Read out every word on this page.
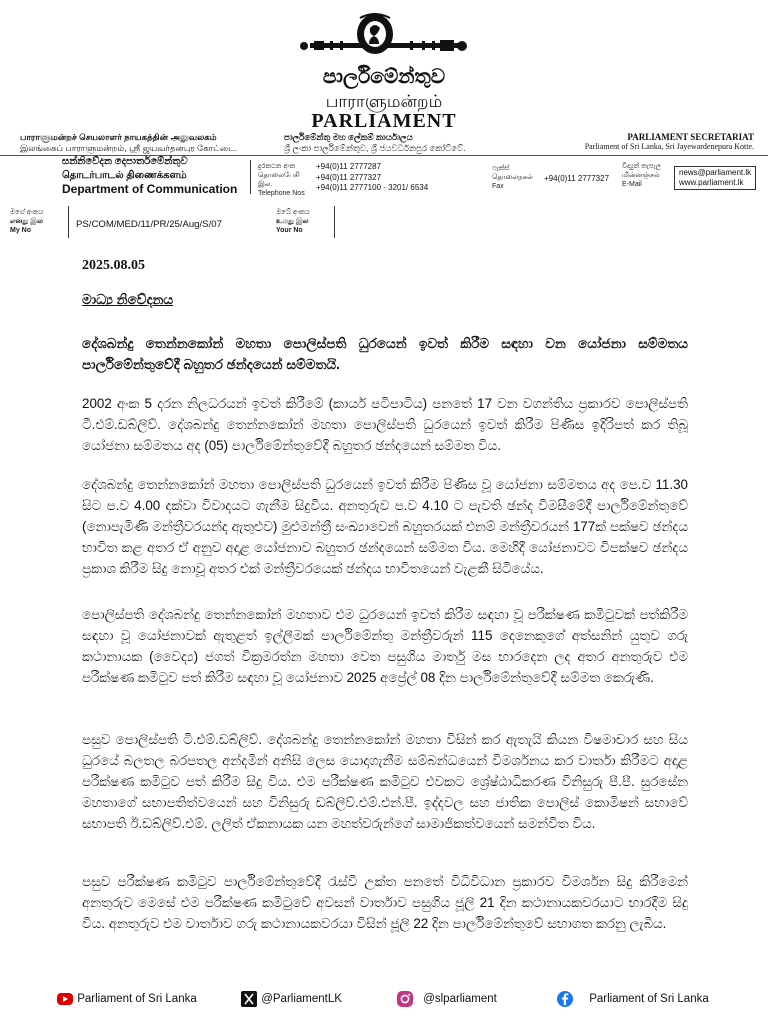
පාර්ලිමේන්තුව
பாராளுமன்றம்
PARLIAMENT
பாராளுமன்றச் செயலாளர் நாயகத்தின் அலுவலகம்
இலங்கைப் பாராளுமன்றம், ஸ்ரீ ஜயவர்தனபுர கோட்டை.
පාර්ලිමේන්තු මහ ලේකම් කාර්යාලය
ශ්‍රී ලංකා පාර්ලිමේන්තුව, ශ්‍රී ජයවර්ධනපුර කෝට්ටේ.
PARLIAMENT SECRETARIAT
Parliament of Sri Lanka, Sri Jayewardenepura Kotte.
සන්නිවේදන දෙපාර්තමේන්තුව
தொடர்பாடல் திணைக்களம்
Department of Communication
දුරකථන අංක
தொலைபேசி இல.
Telephone Nos
+94(0)11 2777287
+94(0)11 2777327
+94(0)11 2777100 - 3201/ 6534
ෆැක්ස්
தொலைநகல்
Fax
+94(0)11 2777327
විද්‍යුත් තැපැල
மின்னஞ்சல்
E-Mail
news@parliament.lk
www.parliament.lk
මගේ අංකය
எனது இல
My No
PS/COM/MED/11/PR/25/Aug/S/07
ඔබේ අංකය
உமது இல
Your No
2025.08.05
මාධ්‍ය නිවේදනය
දේශබන්දු තෙන්නකෝන් මහතා පොලිස්පති ධුරයෙන් ඉවත් කිරීම සඳහා වන යෝජනා සම්මතය පාර්ලිමේන්තුවේදී බහුතර ඡන්දයෙන් සම්මතයි.
2002 අංක 5 දරන නිලධරයන් ඉවත් කිරීමේ (කාර්ය පටිපාටිය) පනතේ 17 වන වගන්තිය ප්‍රකාරව පොලිස්පති ටී.එම්.ඩබ්ලිව්. දේශබන්දු තෙන්නකෝන් මහතා පොලිස්පති ධුරයෙන් ඉවත් කිරීම පිණිස ඉදිරිපත් කර තිබූ යෝජනා සම්මතය අද (05) පාර්ලිමේන්තුවේදී බහුතර ඡන්දයෙන් සම්මත විය.
දේශබන්දු තෙන්නකෝන් මහතා පොලිස්පති ධුරයෙන් ඉවත් කිරීම පිණිස වූ යෝජනා සම්මතය අද පෙ.ව 11.30 සිට ප.ව 4.00 දක්වා විවාදයට ගැනීම සිදුවිය. අනතුරුව ප.ව 4.10 ට පැවති ඡන්ද විමසීමේදී පාර්ලිමේන්තුවේ (නොපැමිණි මන්ත්‍රීවරයන්ද ඇතුළුව) මුළුමන්ත්‍රී සංඛ්‍යාවෙන් බහුතරයක් එනම් මන්ත්‍රීවරයන් 177ක් පක්ෂව ඡන්දය භාවිත කළ අතර ඒ අනුව අදාළ යෝජනාව බහුතර ඡන්දයෙන් සම්මත විය. මෙහිදී යෝජනාවට විපක්ෂව ඡන්දය ප්‍රකාශ කිරීම සිදු නොවූ අතර එක් මන්ත්‍රීවරයෙක් ඡන්දය භාවිතයෙන් වැළකී සිටියේය.
පොලිස්පති දේශබන්දු තෙන්නකෝන් මහතාව එම ධුරයෙන් ඉවත් කිරීම සඳහා වූ පරීක්ෂණ කමිටුවක් පත්කිරීම සඳහා වූ යෝජනාවක් ඇතුළත් ඉල්ලීමක් පාර්ලිමේන්තු මන්ත්‍රීවරුන් 115 දෙනෙකුගේ අත්සනින් යුතුව ගරු කථානායක (වෛද්‍ය) ජගත් වික්‍රමරත්න මහතා වෙත පසුගිය මාර්තු මස භාරදෙන ලද අතර අනතුරුව එම පරීක්ෂණ කමිටුව පත් කිරීම සඳහා වූ යෝජනාව 2025 අප්‍රේල් 08 දින පාර්ලිමේන්තුවේදී සම්මත කෙරුණි.
පසුව පොලිස්පති ටී.එම්.ඩබ්ලිව්. දේශබන්දු තෙන්නකෝන් මහතා විසින් කර ඇතැයි කියන විෂමාචාර සහ සිය ධුරයේ බලතල බරපතල අන්දමින් අනිසි ලෙස යොදාගැනීම සම්බන්ධයෙන් විමර්ශනය කර වාර්තා කිරීමට අදාළ පරීක්ෂණ කමිටුව පත් කිරීම සිදු විය. එම පරීක්ෂණ කමිටුව එවකට ශ්‍රේෂ්ඨාධිකරණ විනිසුරු පී.පී. සුරසේන මහතාගේ සභාපතිත්වයෙන් සහ විනිසුරු ඩබ්ලිව්.එම්.එන්.පී. ඉද්දවල සහ ජාතික පොලිස් කොමිෂන් සභාවේ සභාපති ඊ.ඩබ්ලිව්.එම්. ලලිත් ඒකනායක යන මහත්වරුන්ගේ සාමාජිකත්වයෙන් සමන්විත විය.
පසුව පරීක්ෂණ කමිටුව පාර්ලිමේන්තුවේදී රැස්වී උක්ත පනතේ විධිවිධාන ප්‍රකාරව විමර්ශන සිදු කිරීමෙන් අනතුරුව මෙසේ එම පරීක්ෂණ කමිටුවේ අවසන් වාර්තාව පසුගිය ජූලි 21 දින කථානායකවරයාට භාරදීම සිදු විය. අනතුරුව එම වාර්තාව ගරු කථානායකවරයා විසින් ජූලි 22 දින පාර්ලිමේන්තුවේ සභාගත කරනු ලැබීය.
Parliament of Sri Lanka	@ParliamentLK	@slparliament	Parliament of Sri Lanka
